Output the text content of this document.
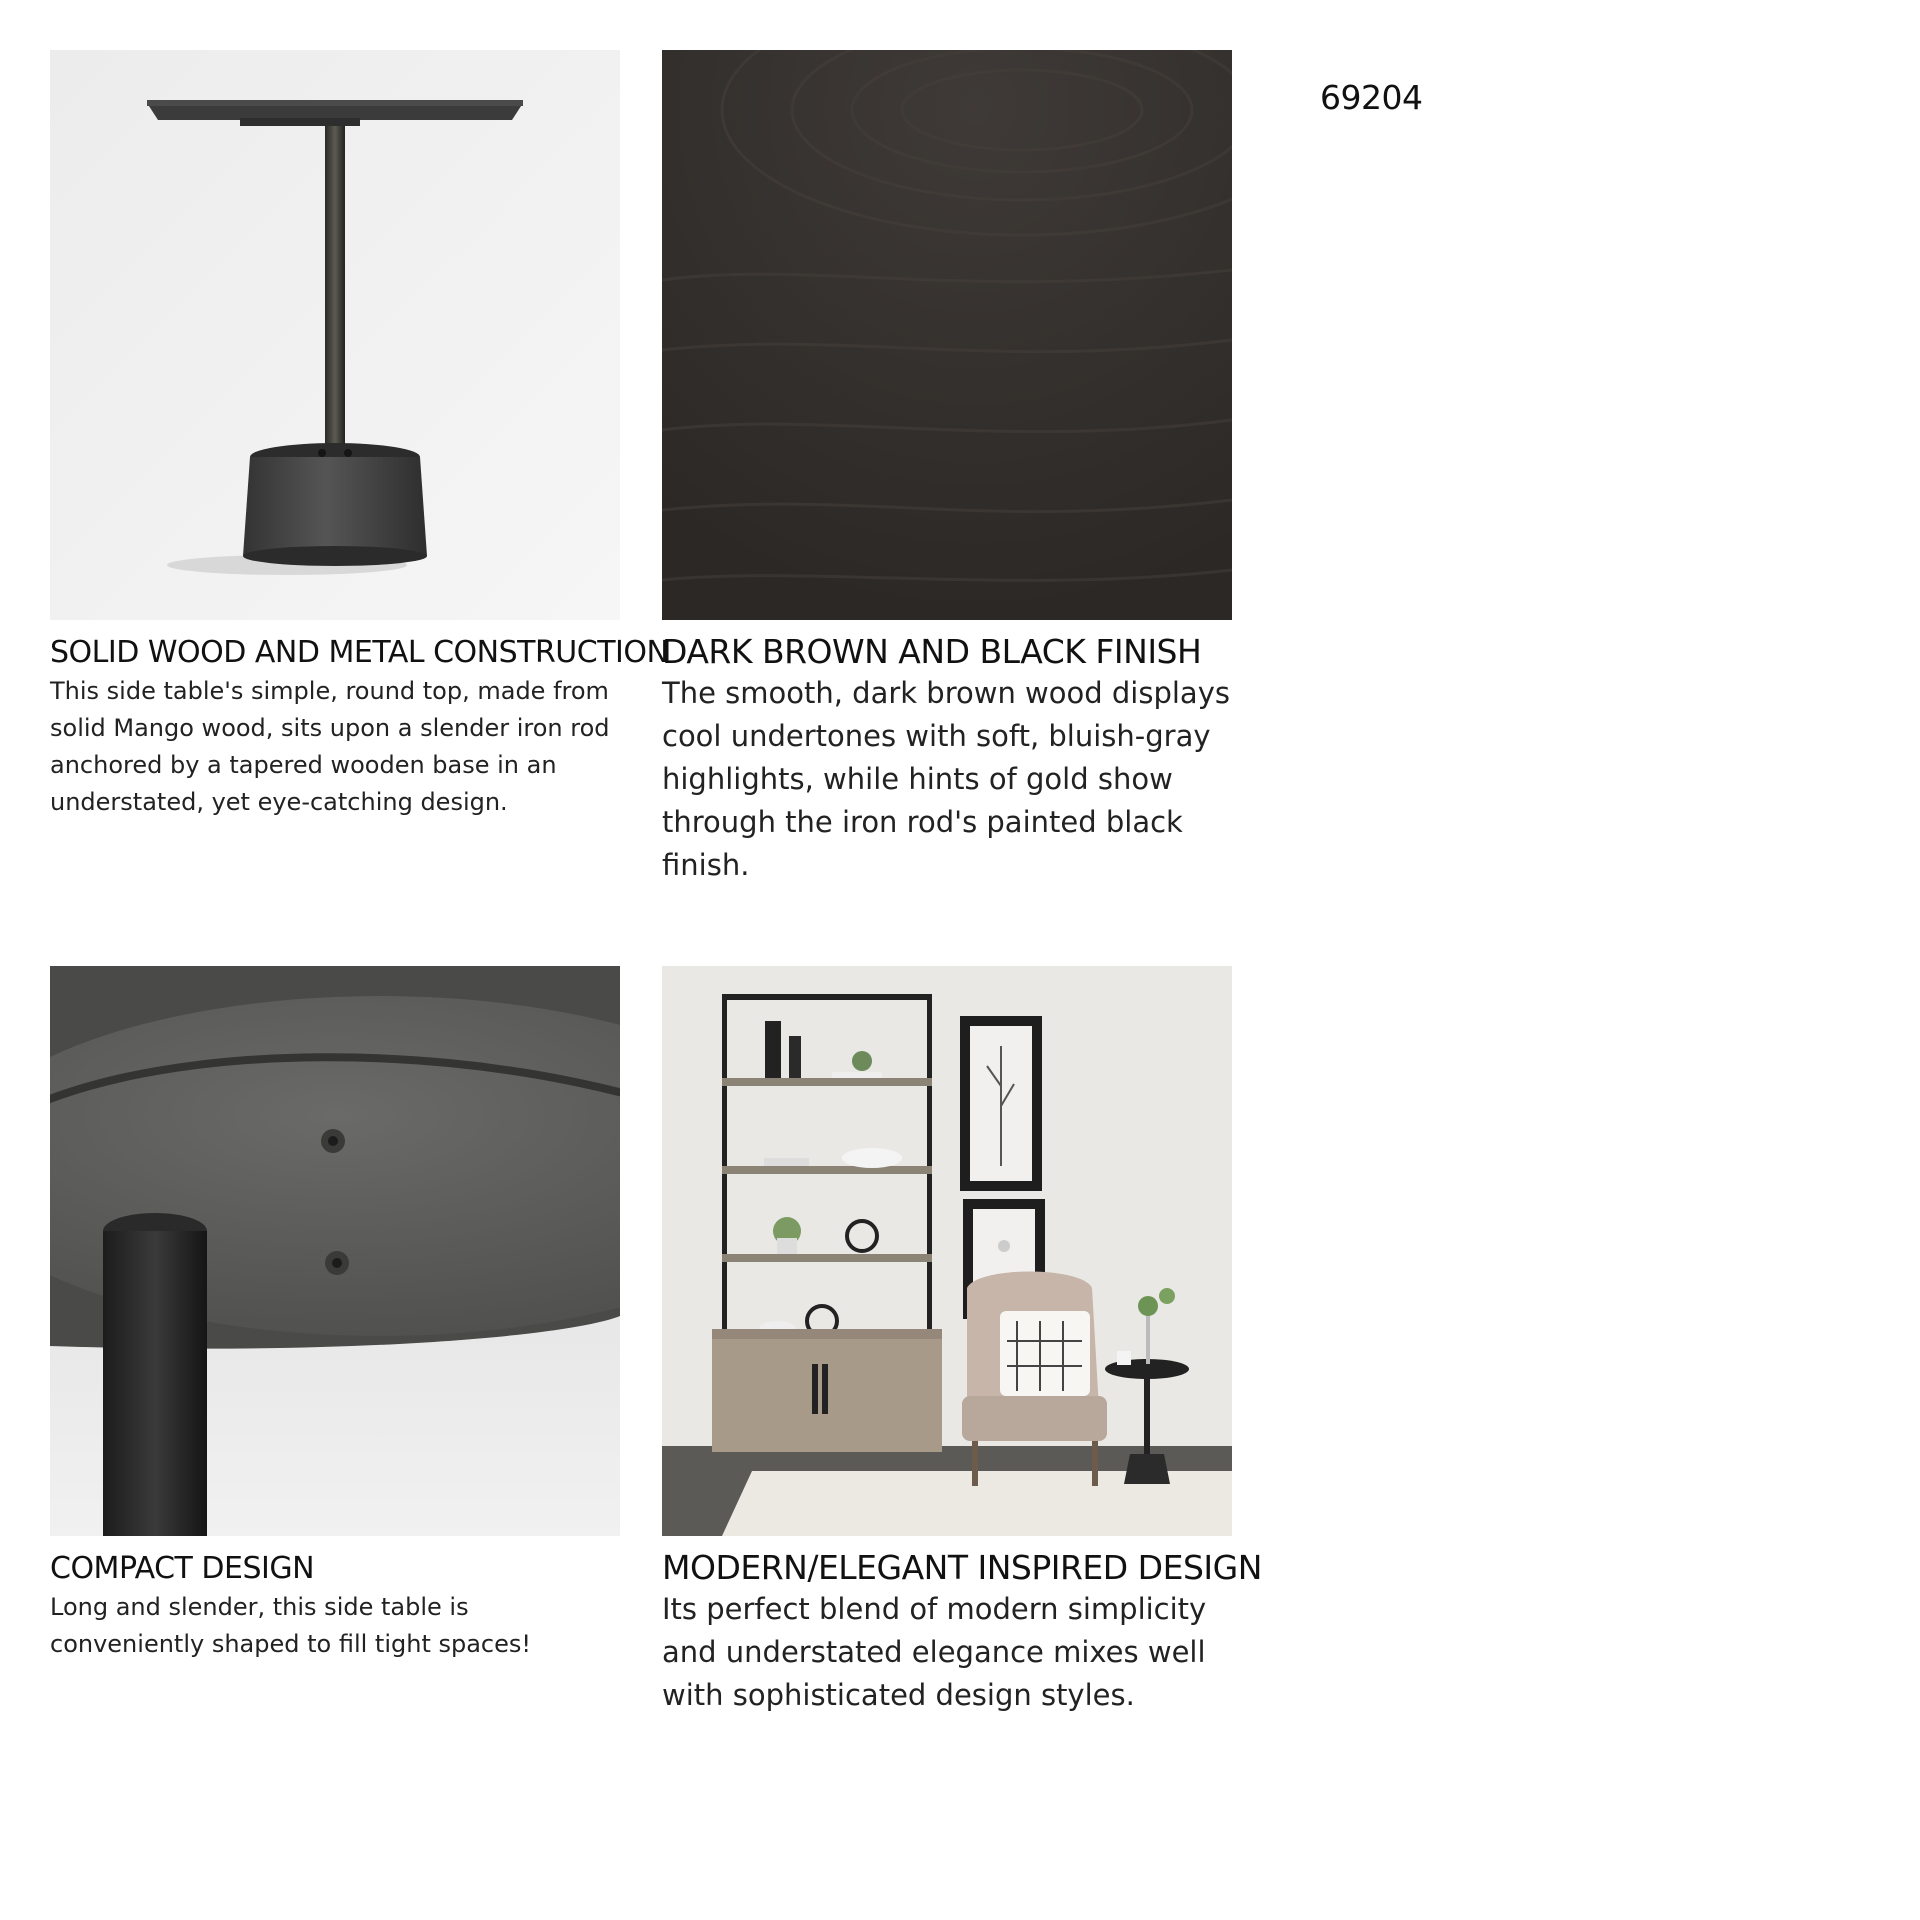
69204
SOLID WOOD AND METAL CONSTRUCTION

This side table's simple, round top, made from solid Mango wood, sits upon a slender iron rod anchored by a tapered wooden base in an understated, yet eye-catching design.

DARK BROWN AND BLACK FINISH

The smooth, dark brown wood displays cool undertones with soft, bluish-gray highlights, while hints of gold show through the iron rod's painted black finish.

COMPACT DESIGN

Long and slender, this side table is conveniently shaped to fill tight spaces!

MODERN/ELEGANT INSPIRED DESIGN

Its perfect blend of modern simplicity and understated elegance mixes well with sophisticated design styles.
